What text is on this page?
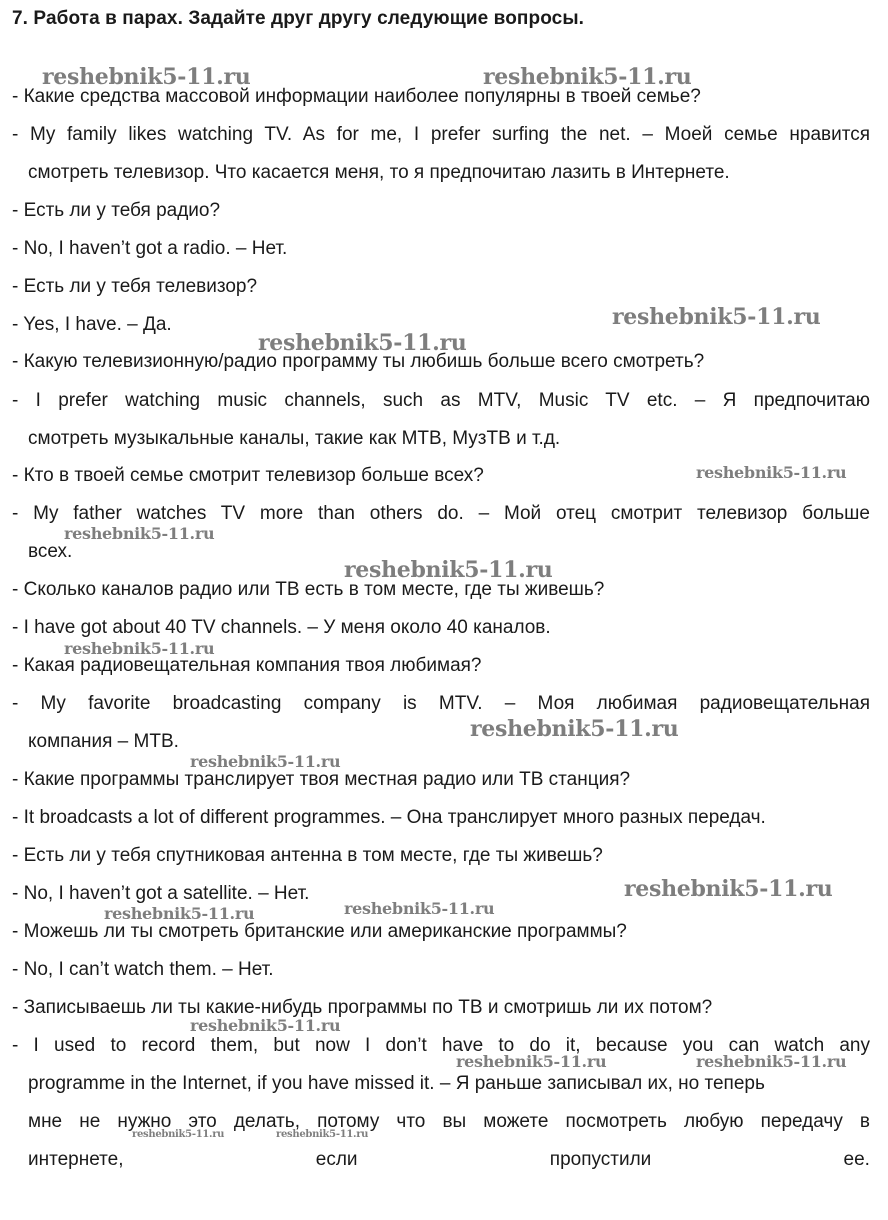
7. Работа в парах. Задайте друг другу следующие вопросы.
- Какие средства массовой информации наиболее популярны в твоей семье?
- My family likes watching TV. As for me, I prefer surfing the net. – Моей семье нравится
смотреть телевизор. Что касается меня, то я предпочитаю лазить в Интернете.
- Есть ли у тебя радио?
- No, I haven’t got a radio. – Нет.
- Есть ли у тебя телевизор?
- Yes, I have. – Да.
- Какую телевизионную/радио программу ты любишь больше всего смотреть?
- I prefer watching music channels, such as MTV, Music TV etc. – Я предпочитаю
смотреть музыкальные каналы, такие как МТВ, МузТВ и т.д.
- Кто в твоей семье смотрит телевизор больше всех?
- My father watches TV more than others do. – Мой отец смотрит телевизор больше
всех.
- Сколько каналов радио или ТВ есть в том месте, где ты живешь?
- I have got about 40 TV channels. – У меня около 40 каналов.
- Какая радиовещательная компания твоя любимая?
- My favorite broadcasting company is MTV. – Моя любимая радиовещательная
компания – МТВ.
- Какие программы транслирует твоя местная радио или ТВ станция?
- It broadcasts a lot of different programmes. – Она транслирует много разных передач.
- Есть ли у тебя спутниковая антенна в том месте, где ты живешь?
- No, I haven’t got a satellite. – Нет.
- Можешь ли ты смотреть британские или американские программы?
- No, I can’t watch them. – Нет.
- Записываешь ли ты какие-нибудь программы по ТВ и смотришь ли их потом?
- I used to record them, but now I don’t have to do it, because you can watch any
programme in the Internet, if you have missed it. – Я раньше записывал их, но теперь
мне не нужно это делать, потому что вы можете посмотреть любую передачу в
интернете,	если	пропустили	ее.
reshebnik5-11.ru	reshebnik5-11.ru
reshebnik5-11.ru
reshebnik5-11.ru
reshebnik5-11.ru
reshebnik5-11.ru
reshebnik5-11.ru
reshebnik5-11.ru
reshebnik5-11.ru
reshebnik5-11.ru
reshebnik5-11.ru
reshebnik5-11.ru
reshebnik5-11.ru
reshebnik5-11.ru
reshebnik5-11.ru	reshebnik5-11.ru
reshebnik5-11.ru	reshebnik5-11.ru
